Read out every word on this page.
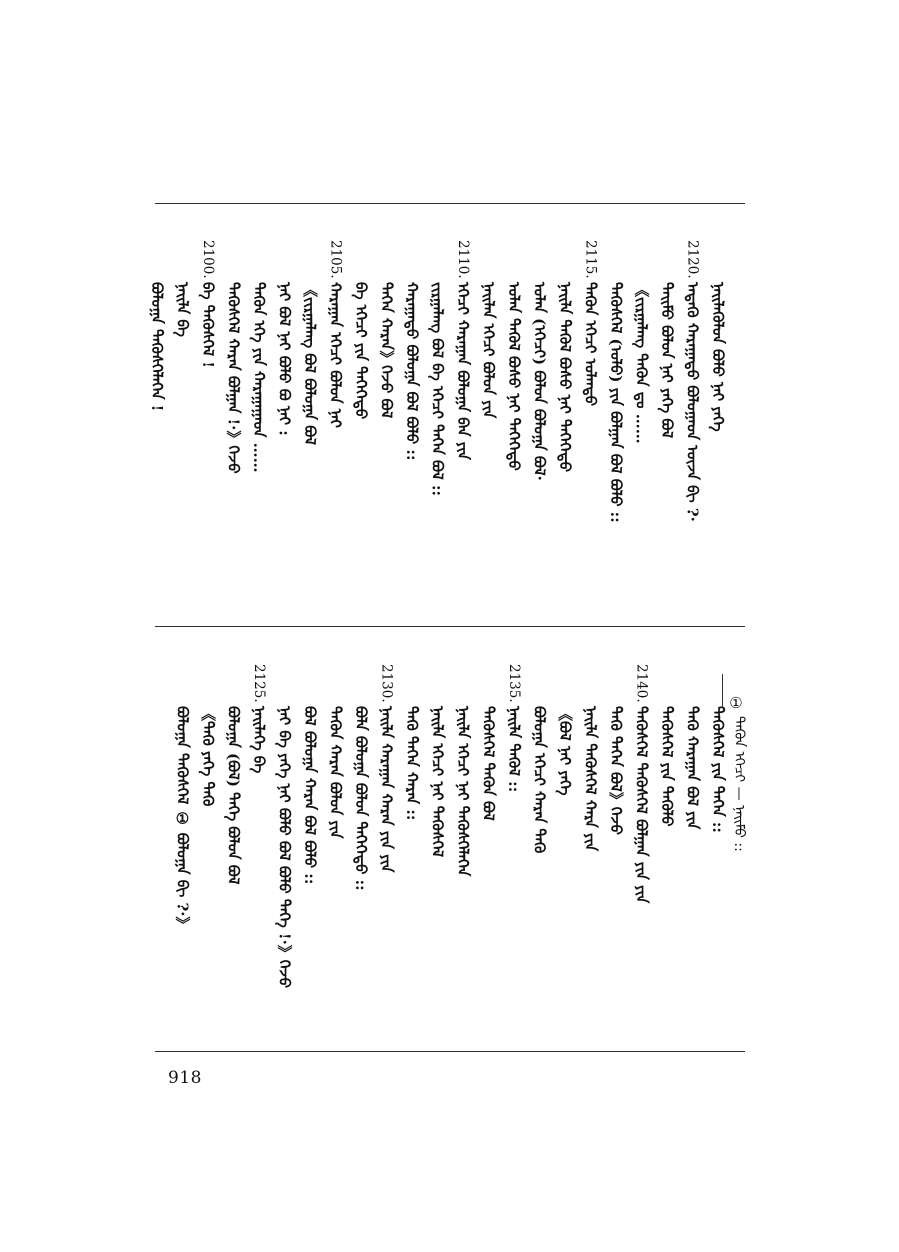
ᠨᠡᠢᠯᠡᠭᠦᠯᠦᠨ ᠪᠣᠯᠤ ᠨᠡᠢ ᠶᠡᠭᠡ
ᠡᠨᠳᠡᠬᠦ ᠬᠠᠷᠠᠭᠠᠳᠤ ᠪᠣᠯᠤᠭᠠᠳ ᠦᠵᠡ ᠪᠢ ?·
ᠲᠡᠢᠮᠦ ᠪᠣᠯᠣᠨ ᠨᠡᠢ ᠶᠡᠭᠡ ᠪᠣᠯ
《ᠵᠢᠷᠭᠠᠯᠠᠩ ᠲᠡᠭᠦᠨ ᠳᠤ ……
ᠲᠡᠭᠦᠰᠭᠡᠯ (ᠣᠯᠤ) ᠶᠢᠨ ᠪᠣᠯᠭᠠᠨ ᠪᠣᠯ ᠪᠣᠯᠤ ::
ᠲᠡᠭᠦᠨ ᠡᠭᠡᠴᠢ ᠣᠯᠠᠨᠳᠤ
ᠨᠡᠢᠯᠡ ᠲᠡᠭᠦᠯ ᠪᠤᠰᠤ ᠨᠡᠢ ᠲᠡᠭᠡᠭᠡᠳᠦ
ᠣᠯᠠᠨ (ᠡᠭᠡᠴᠢ) ᠪᠣᠯᠤᠨ ᠪᠣᠯᠤᠭᠠ ᠪᠣᠯ·
ᠣᠯᠠᠨ ᠲᠡᠭᠦᠯ ᠪᠤᠰᠤ ᠨᠡᠢ ᠲᠡᠭᠡᠭᠡᠳᠦ
ᠨᠡᠢᠯᠡᠨ ᠡᠭᠡᠴᠢ ᠪᠣᠯᠤᠨ ᠶᠢᠨ
ᠡᠭᠡᠴᠢ ᠬᠠᠷᠠᠭᠠᠨ ᠪᠣᠯᠤᠭᠠ ᠪᠠᠨ ᠶᠢᠨ
ᠵᠢᠷᠭᠠᠯᠠᠩ ᠪᠣᠯ ᠪᠠ ᠡᠭᠡᠴᠢ ᠲᠡᠭᠡᠨ ᠪᠣᠯ ::
ᠬᠠᠷᠠᠭᠠᠳᠤ ᠪᠣᠯᠤᠭᠠ ᠪᠣᠯ ᠪᠣᠯᠤ ::
ᠲᠡᠭᠡᠨ ᠬᠠᠷᠠᠨ》ᠭᠡᠵᠦ ᠪᠣᠯ
ᠪᠠ ᠡᠭᠡᠴᠢ ᠶᠢᠨ ᠲᠡᠭᠡᠭᠡᠳᠦ
ᠬᠠᠷᠠᠭᠠᠨ ᠡᠭᠡᠴᠢ ᠪᠣᠯᠤᠨ ᠨᠡᠢ
《ᠵᠢᠷᠭᠠᠯᠠᠩ ᠪᠣᠯ ᠪᠣᠯᠤᠭᠠ ᠪᠣᠯ
ᠨᠡᠢ ᠪᠣᠯ ᠨᠡᠢ ᠪᠣᠯᠤ ᠪᠤ ᠨᠡᠢ :
ᠲᠡᠭᠦᠨ ᠡᠭᠡ ᠶᠢᠨ ᠬᠠᠷᠠᠭᠠᠭᠠᠳ ……
ᠲᠡᠭᠦᠰᠭᠡᠯ ᠬᠠᠷᠠᠨ ᠪᠣᠯᠭᠠᠨ !·》ᠭᠡᠵᠦ
ᠪᠠ ᠲᠡᠭᠦᠰᠭᠡᠯ !
ᠨᠡᠢᠯᠡ ᠪᠠ
ᠪᠣᠯᠤᠭᠠ ᠲᠡᠭᠦᠰᠭᠡᠯᠡᠭᠡᠨ !
2120.
2115.
2110.
2105.
2100.
ᠲᠡᠭᠦᠰᠭᠡᠯ ᠶᠢᠨ ᠲᠡᠭᠡᠨ ::
ᠲᠡᠭᠦ ᠬᠠᠷᠠᠭᠠᠨ ᠪᠤᠯ ᠶᠢᠨ
ᠲᠡᠭᠦᠰᠭᠡᠯ ᠶᠢᠨ ᠲᠡᠭᠦᠯᠦ
ᠲᠡᠭᠦᠰᠭᠡᠯ ᠲᠡᠭᠦᠰᠭᠡᠯ ᠪᠣᠯᠭᠠᠨ ᠶᠢᠨ ᠶᠢᠨ
ᠲᠡᠭᠦ ᠲᠡᠭᠡᠨ ᠪᠣᠯ》ᠭᠡᠵᠦ
ᠨᠡᠢᠯᠡ ᠲᠡᠭᠦᠰᠭᠡᠯ ᠬᠠᠷᠠ ᠶᠢᠨ
《ᠪᠣᠯ ᠨᠡᠢ ᠶᠡᠭᠡ
ᠪᠣᠯᠤᠭᠠ ᠡᠭᠡᠴᠢ ᠬᠠᠷᠠᠨ ᠲᠡᠭᠦ
ᠨᠡᠢᠯᠡ ᠲᠡᠭᠦᠯ ::
ᠲᠡᠭᠦᠰᠭᠡᠯ ᠲᠡᠭᠦᠨ ᠪᠣᠯ
ᠨᠡᠢᠯᠡ ᠡᠭᠡᠴᠢ ᠨᠡᠢ ᠲᠡᠭᠦᠰᠭᠡᠯᠡᠭᠡᠨ
ᠨᠡᠢᠯᠡ ᠡᠭᠡᠴᠢ ᠨᠡᠢ ᠲᠡᠭᠦᠰᠭᠡᠯ
ᠲᠡᠭᠦ ᠲᠡᠭᠡᠨ ᠬᠠᠷᠠᠨ ::
ᠨᠡᠢᠯᠡ ᠬᠠᠷᠠᠭᠠᠨ ᠬᠠᠷᠠᠨ ᠶᠢᠨ ᠶᠢᠨ
ᠪᠣᠯᠠ ᠪᠣᠯᠤᠭᠠ ᠪᠣᠯᠤᠨ ᠲᠡᠭᠡᠭᠡᠳᠦ ::
ᠲᠡᠭᠦᠨ ᠬᠠᠷᠠᠨ ᠪᠣᠯᠤᠨ ᠶᠢᠨ
ᠪᠣᠯ ᠪᠣᠯᠤᠭᠠ ᠬᠠᠷᠠᠨ ᠪᠣᠯ ᠪᠣᠯᠤ ::
ᠨᠡᠢ ᠪᠠ ᠶᠡᠭᠡ ᠨᠡᠢ ᠪᠣᠯᠤ ᠪᠣᠯ ᠪᠣᠯᠤ ᠲᠡᠭᠡ !·》ᠭᠡᠵᠦ
ᠨᠡᠢᠯᠡᠭᠡ ᠪᠠ
ᠪᠣᠯᠤᠭᠠ (ᠪᠣᠯ) ᠲᠡᠭᠡ ᠪᠣᠯᠤᠨ ᠪᠣᠯ
《ᠲᠡᠭᠦ ᠶᠡᠭᠡ ᠲᠡᠭᠦ
ᠪᠣᠯᠤᠭᠠ ᠲᠡᠭᠦᠰᠭᠡᠯ ① ᠪᠣᠯᠤᠭᠠ ᠪᠢ ?·》
2140.
2135.
2130.
2125.
①
ᠲᠡᠭᠦᠨ ᠡᠭᠡᠴᠢ — ᠨᠡᠢᠮᠦ ::
918
